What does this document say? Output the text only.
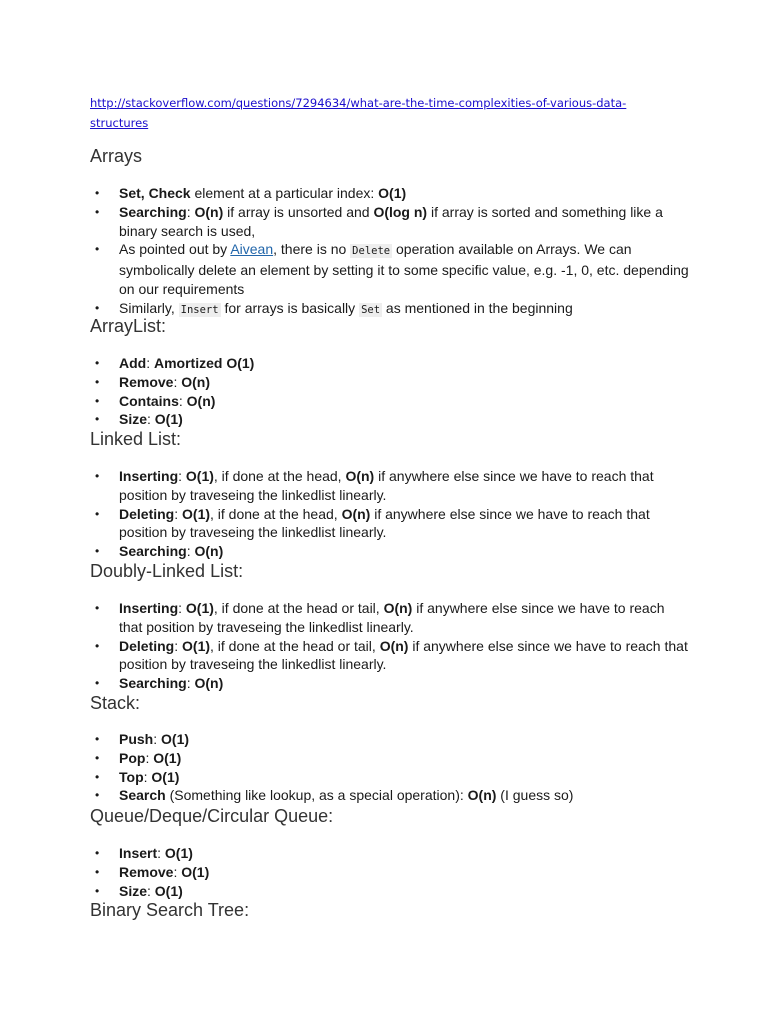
http://stackoverflow.com/questions/7294634/what-are-the-time-complexities-of-various-data-
structures
Arrays
• Set, Check element at a particular index: O(1)
• Searching: O(n) if array is unsorted and O(log n) if array is sorted and something like a binary search is used,
• As pointed out by Aivean, there is no Delete operation available on Arrays. We can symbolically delete an element by setting it to some specific value, e.g. -1, 0, etc. depending on our requirements
• Similarly, Insert for arrays is basically Set as mentioned in the beginning
ArrayList:
• Add: Amortized O(1)
• Remove: O(n)
• Contains: O(n)
• Size: O(1)
Linked List:
• Inserting: O(1), if done at the head, O(n) if anywhere else since we have to reach that position by traveseing the linkedlist linearly.
• Deleting: O(1), if done at the head, O(n) if anywhere else since we have to reach that position by traveseing the linkedlist linearly.
• Searching: O(n)
Doubly-Linked List:
• Inserting: O(1), if done at the head or tail, O(n) if anywhere else since we have to reach that position by traveseing the linkedlist linearly.
• Deleting: O(1), if done at the head or tail, O(n) if anywhere else since we have to reach that position by traveseing the linkedlist linearly.
• Searching: O(n)
Stack:
• Push: O(1)
• Pop: O(1)
• Top: O(1)
• Search (Something like lookup, as a special operation): O(n) (I guess so)
Queue/Deque/Circular Queue:
• Insert: O(1)
• Remove: O(1)
• Size: O(1)
Binary Search Tree:
